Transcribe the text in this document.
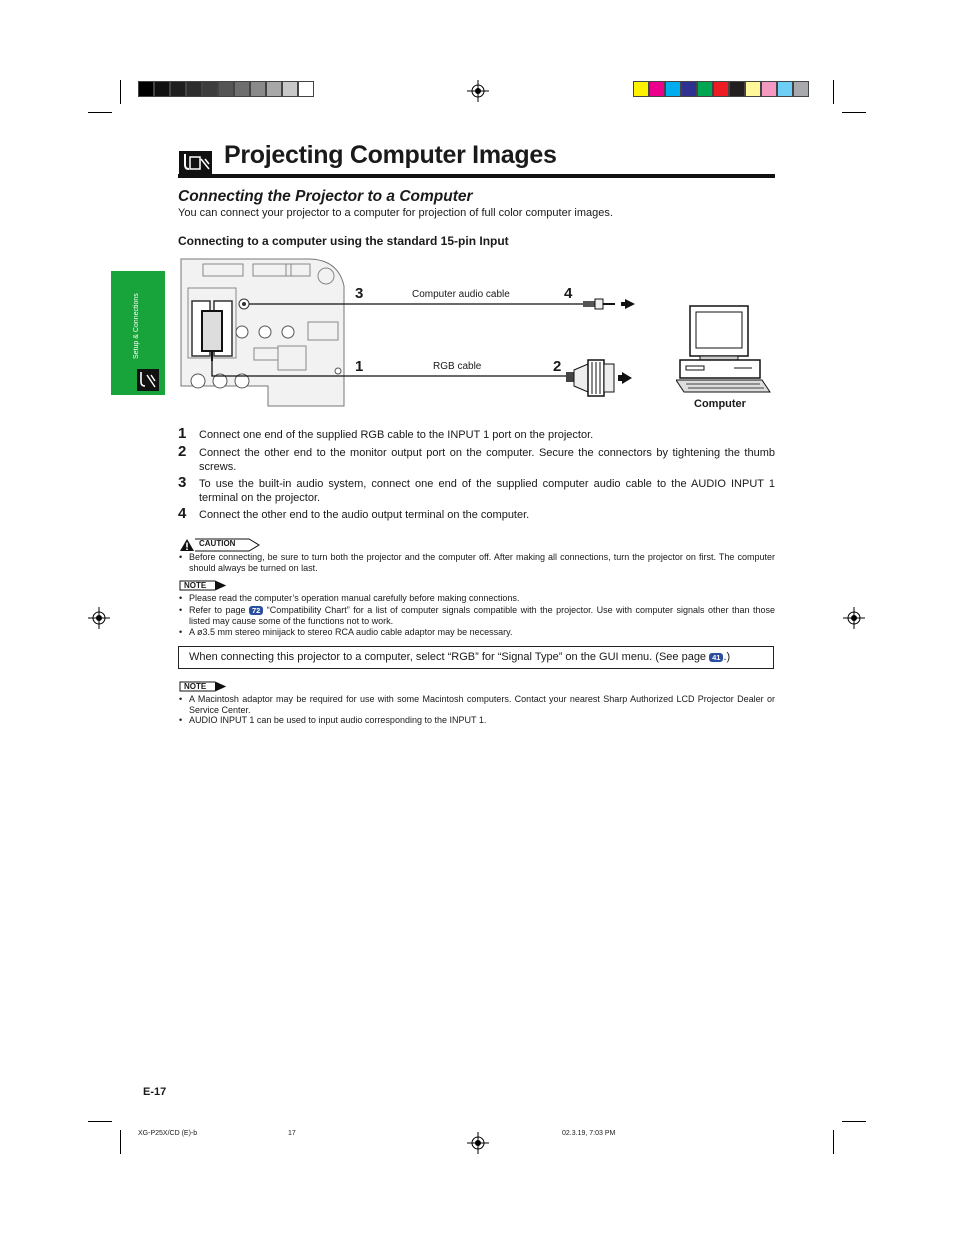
Projecting Computer Images
Connecting the Projector to a Computer
You can connect your projector to a computer for projection of full color computer images.
Connecting to a computer using the standard 15-pin Input
Setup & Connections	Computer audio cable
RGB cable
Computer
3	4
1	2
1 Connect one end of the supplied RGB cable to the INPUT 1 port on the projector.
2 Connect the other end to the monitor output port on the computer. Secure the connectors by tightening the thumb screws.
3 To use the built-in audio system, connect one end of the supplied computer audio cable to the AUDIO INPUT 1 terminal on the projector.
4 Connect the other end to the audio output terminal on the computer.
CAUTION
• Before connecting, be sure to turn both the projector and the computer off. After making all connections, turn the projector on first. The computer should always be turned on last.
NOTE
• Please read the computer’s operation manual carefully before making connections.
• Refer to page 72 “Compatibility Chart” for a list of computer signals compatible with the projector. Use with computer signals other than those listed may cause some of the functions not to work.
• A ø3.5 mm stereo minijack to stereo RCA audio cable adaptor may be necessary.
When connecting this projector to a computer, select “RGB” for “Signal Type” on the GUI menu. (See page 41 .)
NOTE
• A Macintosh adaptor may be required for use with some Macintosh computers. Contact your nearest Sharp Authorized LCD Projector Dealer or Service Center.
• AUDIO INPUT 1 can be used to input audio corresponding to the INPUT 1.
E-17
XG-P25X/CD (E)-b	17	02.3.19, 7:03 PM
